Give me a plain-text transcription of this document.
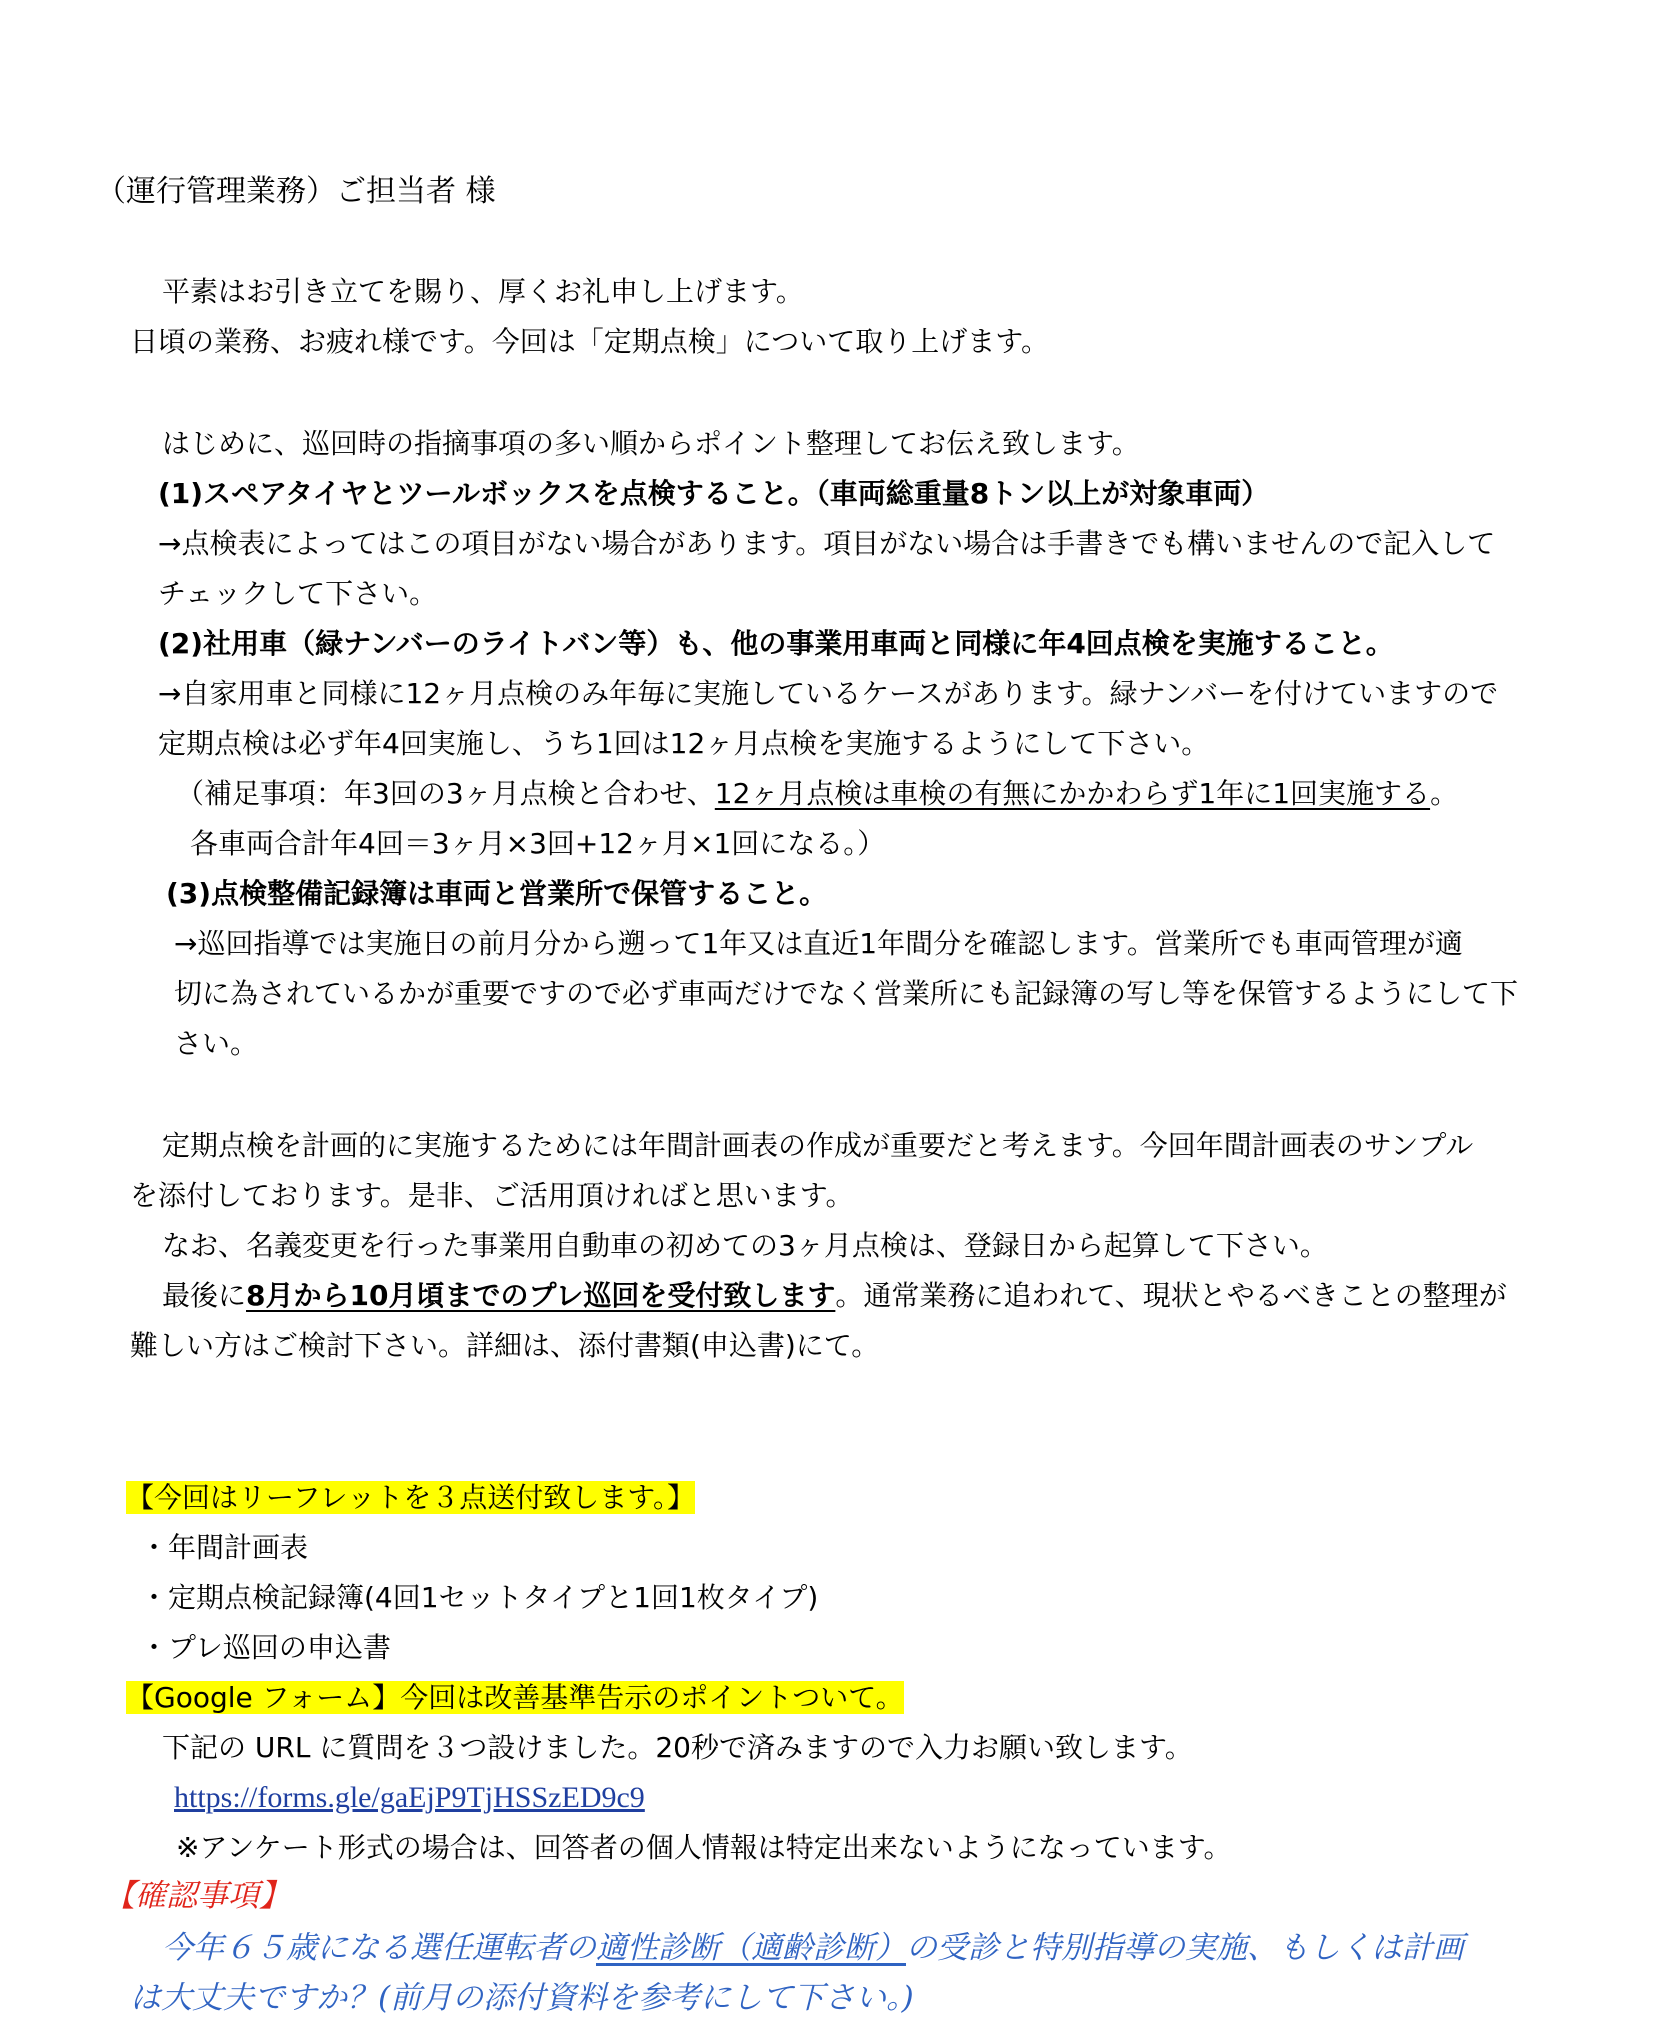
（運行管理業務）ご担当者 様
平素はお引き立てを賜り、厚くお礼申し上げます。
日頃の業務、お疲れ様です。今回は「定期点検」について取り上げます。
はじめに、巡回時の指摘事項の多い順からポイント整理してお伝え致します。
(1)スペアタイヤとツールボックスを点検すること。（車両総重量8トン以上が対象車両）
→点検表によってはこの項目がない場合があります。項目がない場合は手書きでも構いませんので記入して
チェックして下さい。
(2)社用車（緑ナンバーのライトバン等）も、他の事業用車両と同様に年4回点検を実施すること。
→自家用車と同様に12ヶ月点検のみ年毎に実施しているケースがあります。緑ナンバーを付けていますので
定期点検は必ず年4回実施し、うち1回は12ヶ月点検を実施するようにして下さい。
（補足事項：年3回の3ヶ月点検と合わせ、12ヶ月点検は車検の有無にかかわらず1年に1回実施する。
各車両合計年4回＝3ヶ月×3回+12ヶ月×1回になる。）
(3)点検整備記録簿は車両と営業所で保管すること。
→巡回指導では実施日の前月分から遡って1年又は直近1年間分を確認します。営業所でも車両管理が適
切に為されているかが重要ですので必ず車両だけでなく営業所にも記録簿の写し等を保管するようにして下
さい。
定期点検を計画的に実施するためには年間計画表の作成が重要だと考えます。今回年間計画表のサンプル
を添付しております。是非、ご活用頂ければと思います。
なお、名義変更を行った事業用自動車の初めての3ヶ月点検は、登録日から起算して下さい。
最後に8月から10月頃までのプレ巡回を受付致します。通常業務に追われて、現状とやるべきことの整理が
難しい方はご検討下さい。詳細は、添付書類(申込書)にて。
【今回はリーフレットを３点送付致します。】
・年間計画表
・定期点検記録簿(4回1セットタイプと1回1枚タイプ)
・プレ巡回の申込書
【Google フォーム】今回は改善基準告示のポイントついて。
下記の URL に質問を３つ設けました。20秒で済みますので入力お願い致します。
https://forms.gle/gaEjP9TjHSSzED9c9
※アンケート形式の場合は、回答者の個人情報は特定出来ないようになっています。
【確認事項】
今年６５歳になる選任運転者の適性診断（適齢診断）の受診と特別指導の実施、もしくは計画
は大丈夫ですか？(前月の添付資料を参考にして下さい。)
